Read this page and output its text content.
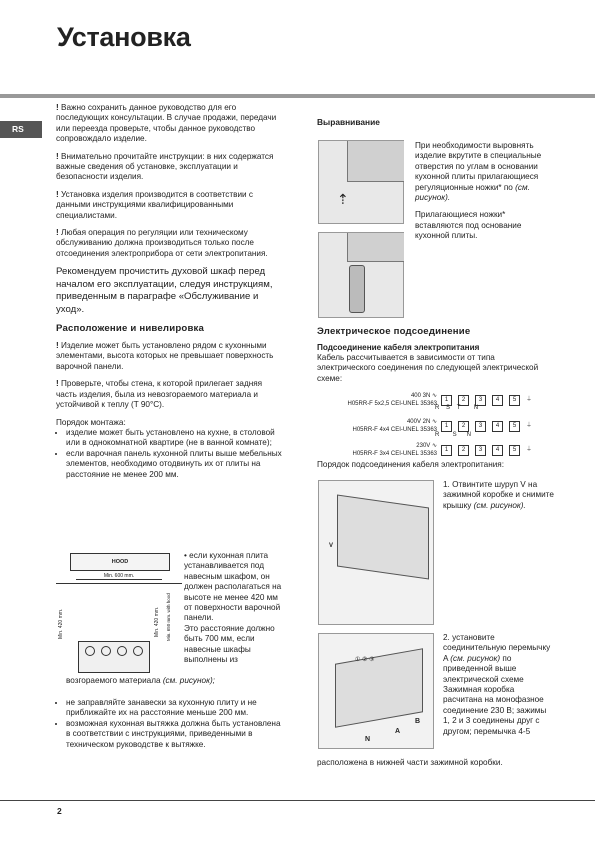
Установка
RS

! Важно сохранить данное руководство для его последующих консультации. В случае продажи, передачи или переезда проверьте, чтобы данное руководство сопровождало изделие.

! Внимательно прочитайте инструкции: в них содержатся важные сведения об установке, эксплуатации и безопасности изделия.

! Установка изделия производится в соответствии с данными инструкциями квалифицированными специалистами.

! Любая операция по регуляции или техническому обслуживанию должна производиться только после отсоединения электроприбора от сети электропитания.

Рекомендуем прочистить духовой шкаф перед началом его эксплуатации, следуя инструкциям, приведенным в параграфе «Обслуживание и уход».

Расположение и нивелировка

! Изделие может быть установлено рядом с кухонными элементами, высота которых не превышает поверхность варочной панели.

! Проверьте, чтобы стена, к которой прилегает задняя часть изделия, была из невозгораемого материала и устойчивой к теплу (T 90°C).

Порядок монтажа:

• изделие может быть установлено на кухне, в столовой или в однокомнатной квартире (не в ванной комнате);
• если варочная панель кухонной плиты выше мебельных элементов, необходимо отодвинуть их от плиты на расстояние не менее 200 мм.
HOOD
Min. 600 mm.
Min. 420 mm.	Min. 420 mm.	Min. 650 mm. with hood
• если кухонная плита устанавливается под навесным шкафом, он должен располагаться на высоте не менее 420 мм от поверхности варочной панели.
Это расстояние должно быть 700 мм, если навесные шкафы выполнены из
возгораемого материала (см. рисунок);
• не заправляйте занавески за кухонную плиту и не приближайте их на расстояние меньше 200 мм.
• возможная кухонная вытяжка должна быть установлена в соответствии с инструкциями, приведенными в техническом руководстве к вытяжке.
Выравнивание
⇡

При необходимости выровнять изделие вкрутите в специальные отверстия по углам в основании кухонной плиты прилагающиеся регуляционные ножки* по (см. рисунок).

Прилагающиеся ножки* вставляются под основание кухонной плиты.

Электрическое подсоединение
Подсоединение кабеля электропитания
Кабель рассчитывается в зависимости от типа электрического соединения по следующей электрической схеме:
400 3N ∿
H05RR-F 5x2,5 CEI-UNEL 35363
1 2 3 4 5 ⏚
R S T N
400V 2N ∿
H05RR-F 4x4 CEI-UNEL 35363
1 2 3 4 5 ⏚
R        S      N
230V ∿
H05RR-F 3x4 CEI-UNEL 35363
1 2 3 4 5 ⏚
Порядок подсоединения кабеля электропитания:
V
1. Отвинтите шуруп V на зажимной коробке и снимите крышку (см. рисунок).
① ② ③
B
A
N
2. установите соединительную перемычку A (см. рисунок) по приведенной выше электрической схеме Зажимная коробка расчитанa на монофазное соединение 230 В; зажимы 1, 2 и 3 соединены друг с другом; перемычка 4-5
расположена в нижней части зажимной коробки.
2
